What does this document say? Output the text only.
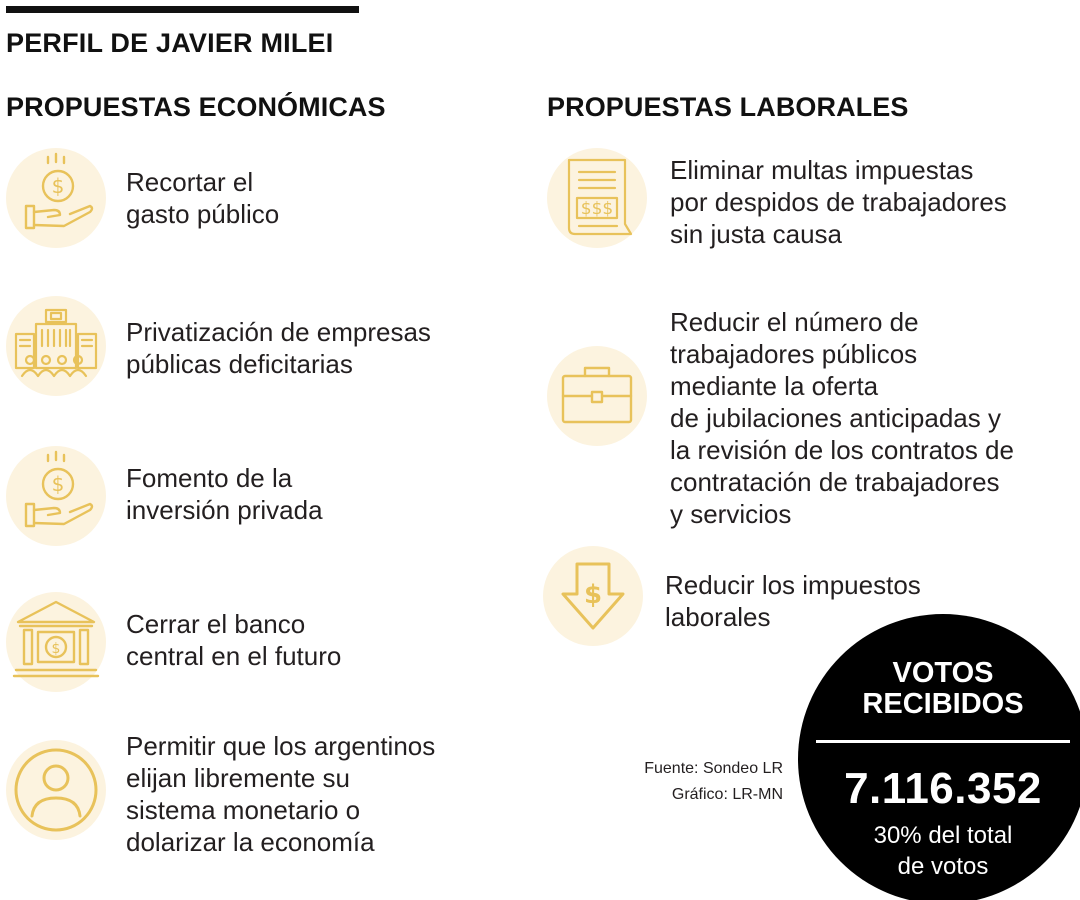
PERFIL DE JAVIER MILEI
PROPUESTAS ECONÓMICAS	PROPUESTAS LABORALES
$ Recortar el
gasto público
Privatización de empresas
públicas deficitarias
$ Fomento de la
inversión privada
$
Cerrar el banco
central en el futuro
Permitir que los argentinos
elijan libremente su
sistema monetario o
dolarizar la economía
$$$
Eliminar multas impuestas
por despidos de trabajadores
sin justa causa
Reducir el número de
trabajadores públicos
mediante la oferta
de jubilaciones anticipadas y
la revisión de los contratos de
contratación de trabajadores
y servicios
$ Reducir los impuestos
laborales
Fuente: Sondeo LR
Gráfico: LR-MN
VOTOS
RECIBIDOS
7.116.352
30% del total
de votos
